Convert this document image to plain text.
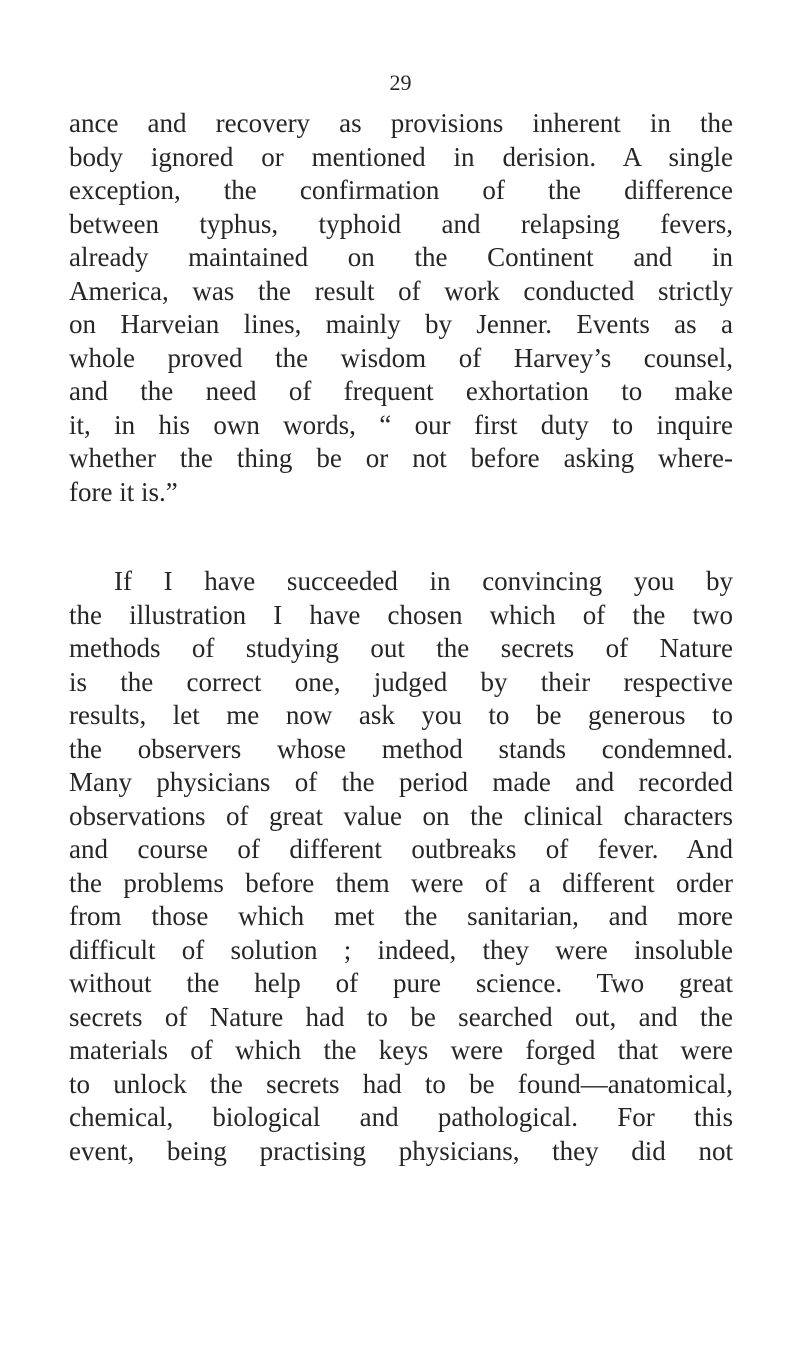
29
ance and recovery as provisions inherent in the
body ignored or mentioned in derision. A single
exception, the confirmation of the difference
between typhus, typhoid and relapsing fevers,
already maintained on the Continent and in
America, was the result of work conducted strictly
on Harveian lines, mainly by Jenner. Events as a
whole proved the wisdom of Harvey’s counsel,
and the need of frequent exhortation to make
it, in his own words, “ our first duty to inquire
whether the thing be or not before asking where-
fore it is.”
If I have succeeded in convincing you by
the illustration I have chosen which of the two
methods of studying out the secrets of Nature
is the correct one, judged by their respective
results, let me now ask you to be generous to
the observers whose method stands condemned.
Many physicians of the period made and recorded
observations of great value on the clinical characters
and course of different outbreaks of fever. And
the problems before them were of a different order
from those which met the sanitarian, and more
difficult of solution ; indeed, they were insoluble
without the help of pure science. Two great
secrets of Nature had to be searched out, and the
materials of which the keys were forged that were
to unlock the secrets had to be found—anatomical,
chemical, biological and pathological. For this
event, being practising physicians, they did not
